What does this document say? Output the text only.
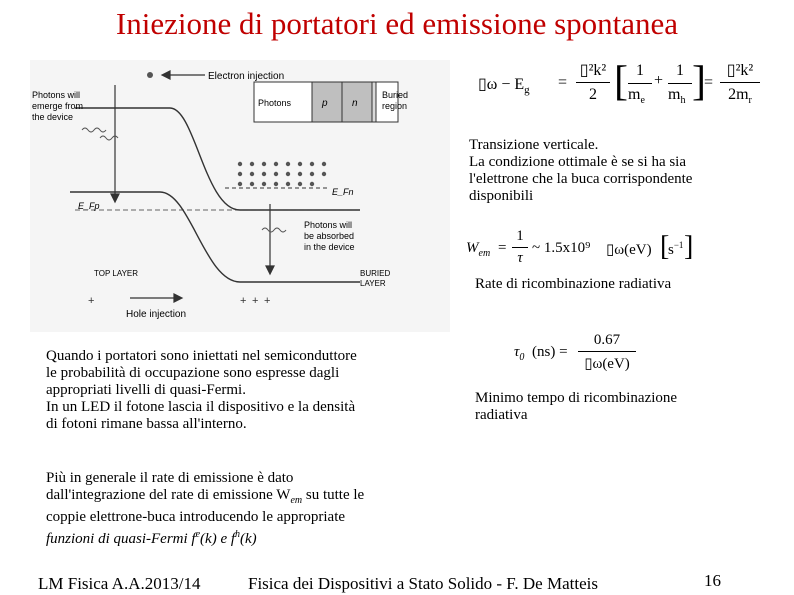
Iniezione di portatori ed emissione spontanea
+ + +
+
Photons	p n
Buried
region
Electron injection
Photons will
emerge from
the device
E_Fn
E_Fp
Photons will
be absorbed
in the device
TOP LAYER	BURIED
LAYER
Hole injection
▯ω − $E_g$ =
▯²k²
2 [ 1
$m_e$
+
1
$m_h$ ]
=
▯²k²
$2m_r$
Transizione verticale.
La condizione ottimale è se si ha sia
l'elettrone che la buca corrispondente
disponibili
$W_{em}$ =
1
τ
~ 1.5x10⁹ ▯ω(eV) [
$s^{-1}$ ]
Rate di ricombinazione radiativa
$\tau_0$ (ns) =
0.67
▯ω(eV)
Minimo tempo di ricombinazione
radiativa
Quando i portatori sono iniettati nel semiconduttore
le probabilità di occupazione sono espresse dagli
appropriati livelli di quasi-Fermi.
In un LED il fotone lascia il dispositivo e la densità
di fotoni rimane bassa all'interno.
Più in generale il rate di emissione è dato
dall'integrazione del rate di emissione $W_{em}$ su tutte le
coppie elettrone-buca introducendo le appropriate
funzioni di quasi-Fermi $f^e(k)$ e $f^h(k)$
LM Fisica A.A.2013/14	Fisica dei Dispositivi a Stato Solido - F. De Matteis	16
